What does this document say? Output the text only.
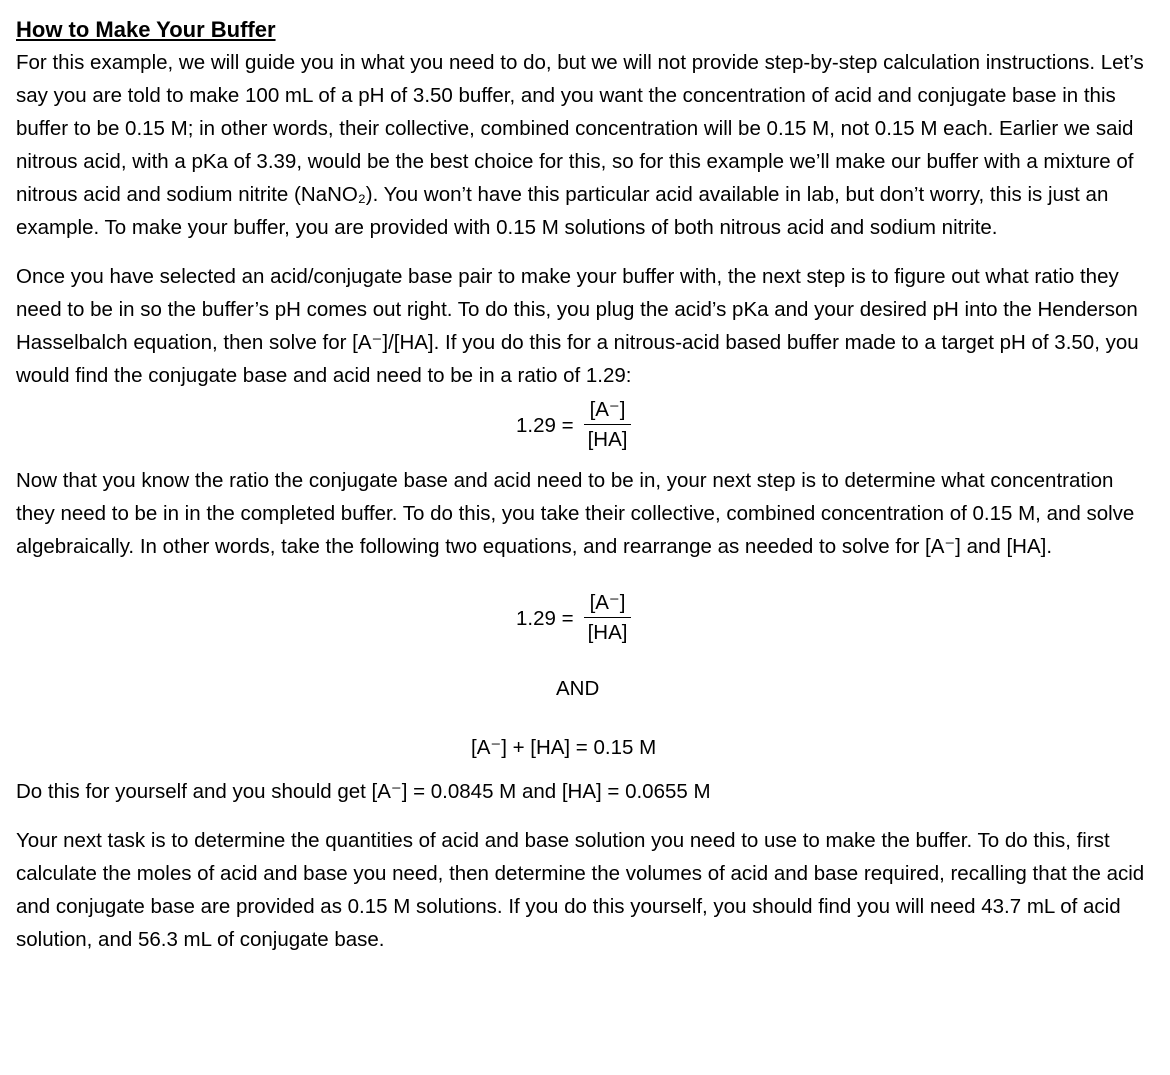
How to Make Your Buffer

For this example, we will guide you in what you need to do, but we will not provide step-by-step calculation instructions. Let’s say you are told to make 100 mL of a pH of 3.50 buffer, and you want the concentration of acid and conjugate base in this buffer to be 0.15 M; in other words, their collective, combined concentration will be 0.15 M, not 0.15 M each. Earlier we said nitrous acid, with a pKa of 3.39, would be the best choice for this, so for this example we’ll make our buffer with a mixture of nitrous acid and sodium nitrite (NaNO₂). You won’t have this particular acid available in lab, but don’t worry, this is just an example. To make your buffer, you are provided with 0.15 M solutions of both nitrous acid and sodium nitrite.

Once you have selected an acid/conjugate base pair to make your buffer with, the next step is to figure out what ratio they need to be in so the buffer’s pH comes out right. To do this, you plug the acid’s pKa and your desired pH into the Henderson Hasselbalch equation, then solve for [A⁻]/[HA]. If you do this for a nitrous-acid based buffer made to a target pH of 3.50, you would find the conjugate base and acid need to be in a ratio of 1.29:

$1.29 = \frac{[A^-]}{[HA]}$

Now that you know the ratio the conjugate base and acid need to be in, your next step is to determine what concentration they need to be in in the completed buffer. To do this, you take their collective, combined concentration of 0.15 M, and solve algebraically. In other words, take the following two equations, and rearrange as needed to solve for [A⁻] and [HA].

$1.29 = \frac{[A^-]}{[HA]}$
AND
[A⁻] + [HA] = 0.15 M

Do this for yourself and you should get [A⁻] = 0.0845 M and [HA] = 0.0655 M

Your next task is to determine the quantities of acid and base solution you need to use to make the buffer. To do this, first calculate the moles of acid and base you need, then determine the volumes of acid and base required, recalling that the acid and conjugate base are provided as 0.15 M solutions. If you do this yourself, you should find you will need 43.7 mL of acid solution, and 56.3 mL of conjugate base.
